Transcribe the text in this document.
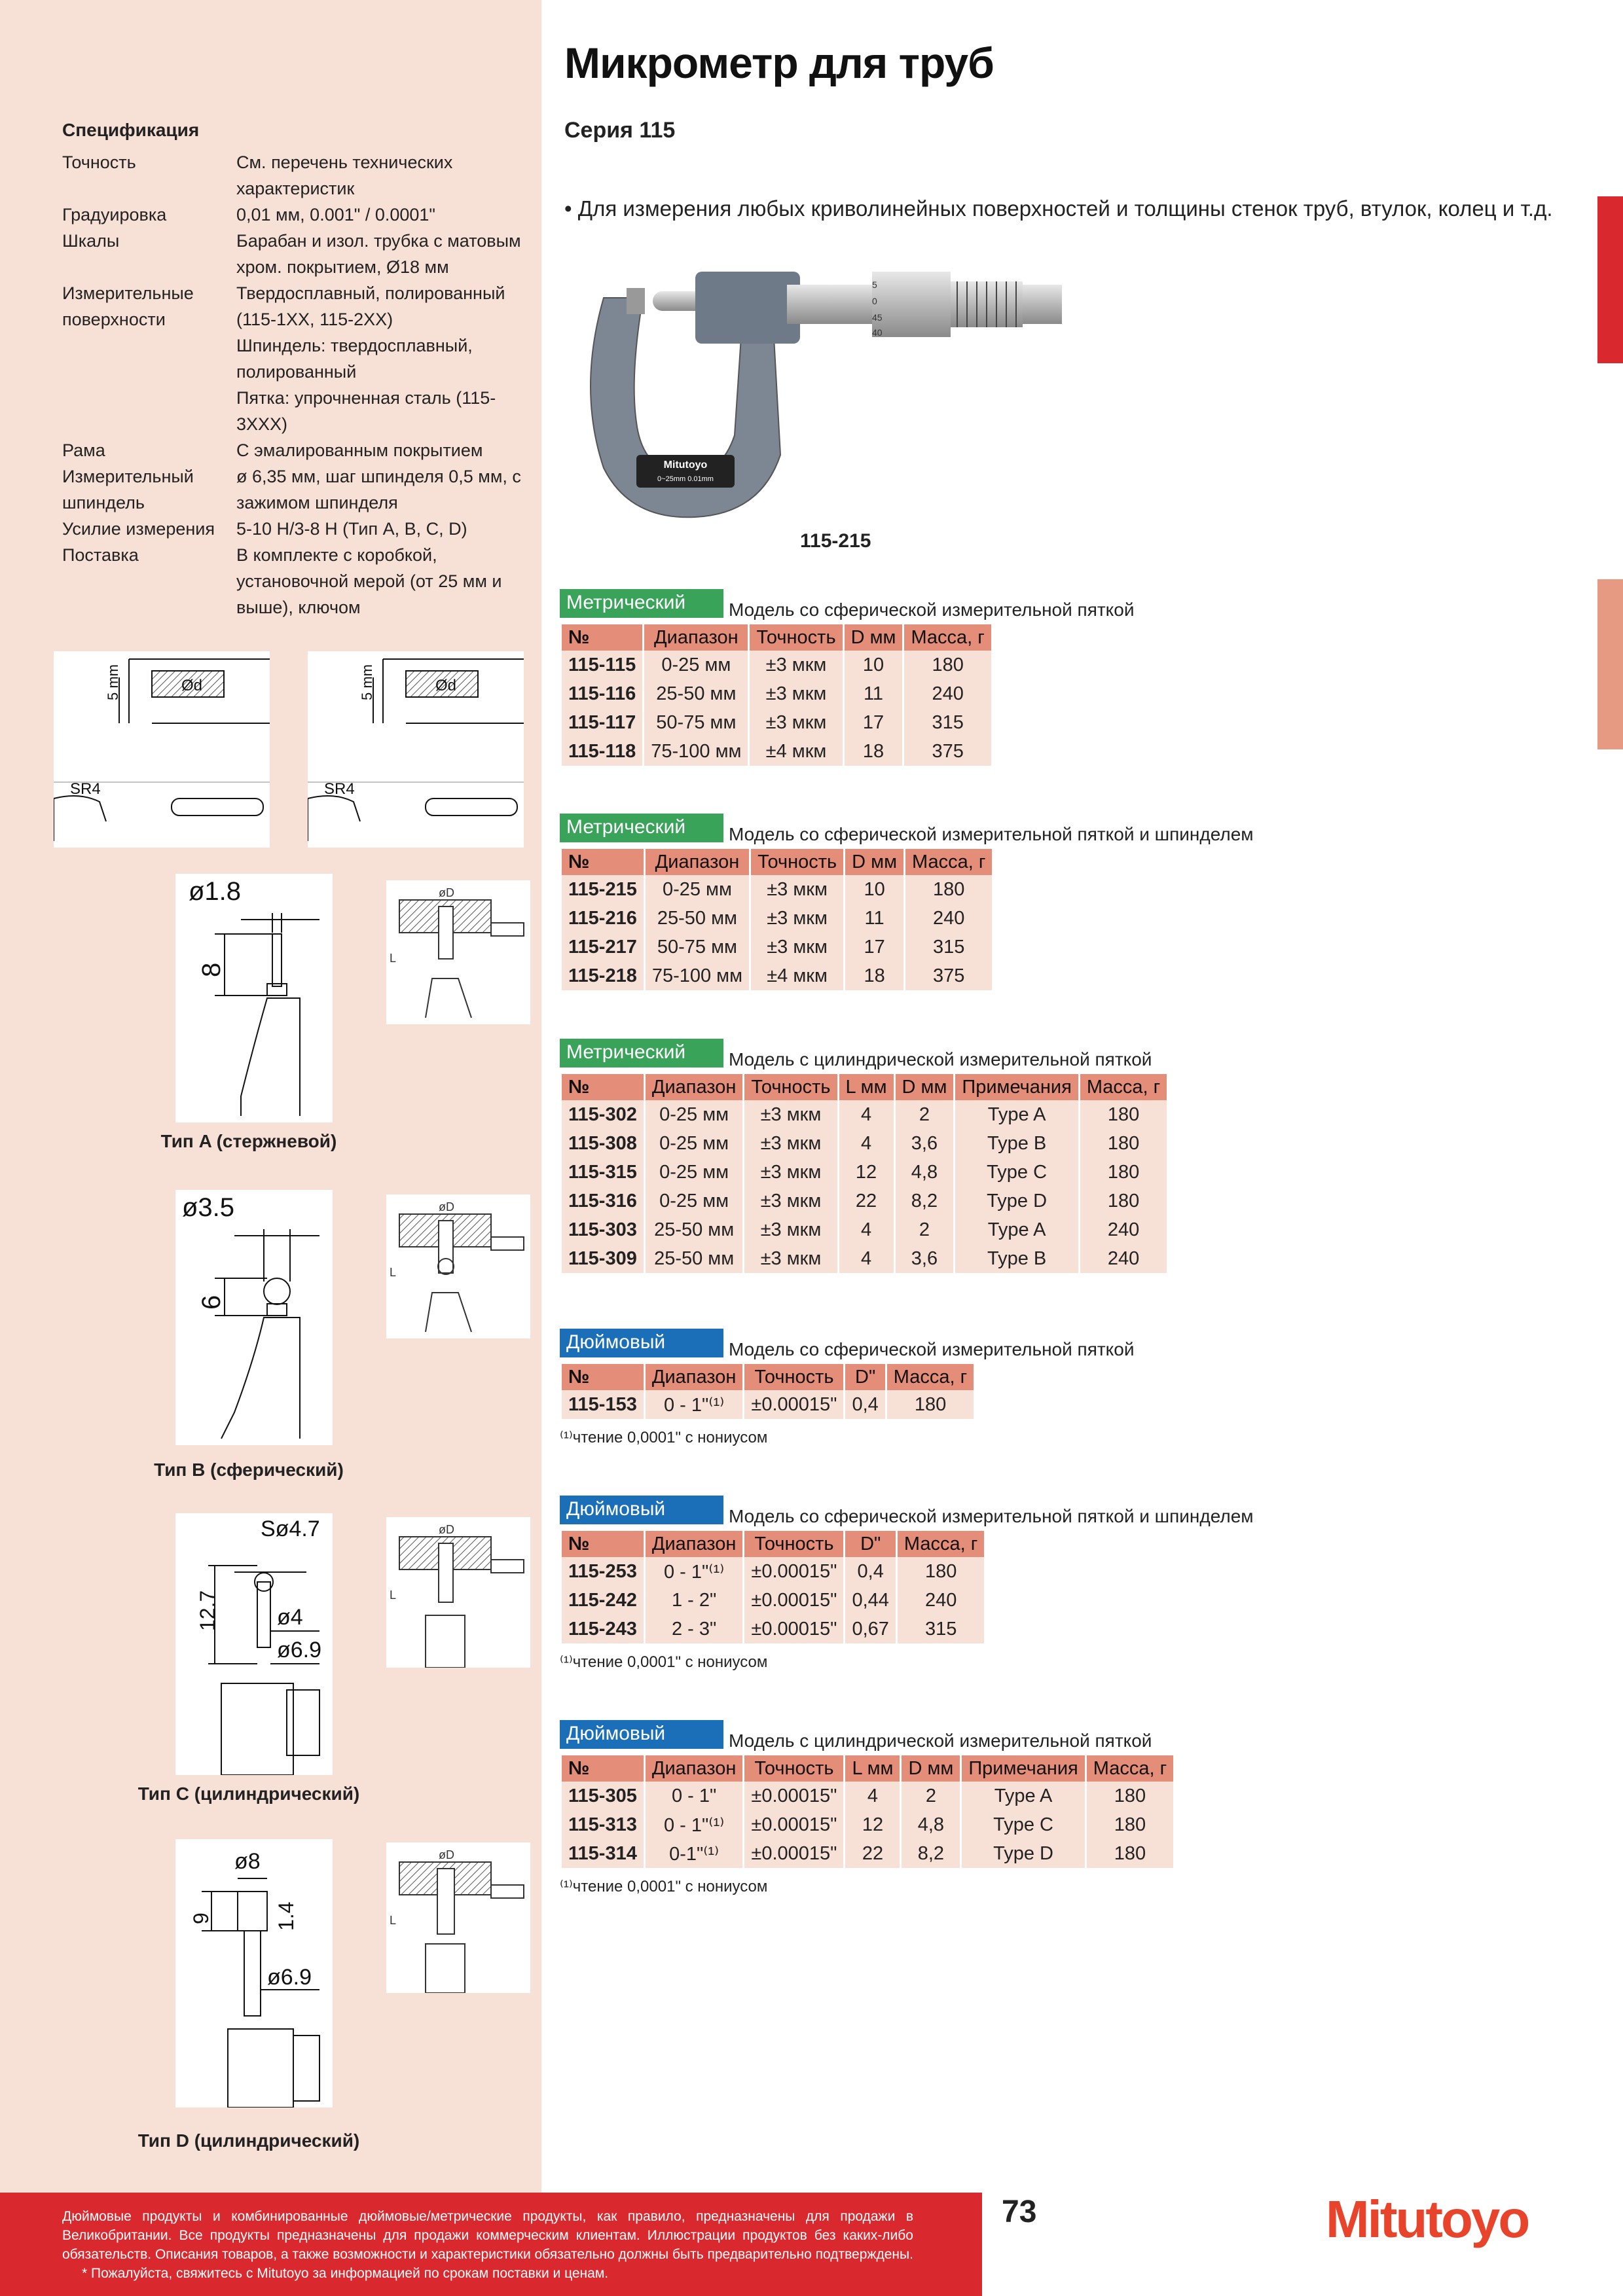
Спецификация
Точность	См. перечень технических характеристик
Градуировка	0,01 мм, 0.001" / 0.0001"
Шкалы	Барабан и изол. трубка с матовым хром. покрытием, Ø18 мм
Измерительные поверхности	Твердосплавный, полированный (115-1XX, 115-2XX)
	Шпиндель: твердосплавный, полированный
	Пятка: упрочненная сталь (115-3XXX)
Рама	С эмалированным покрытием
Измерительный шпиндель	ø 6,35 мм, шаг шпинделя 0,5 мм, с зажимом шпинделя
Усилие измерения	5-10 Н/3-8 Н (Тип A, B, C, D)
Поставка	В комплекте с коробкой, установочной мерой (от 25 мм и выше), ключом
5 mm	Ød
SR4
5 mm	Ød
SR4
ø1.8
8
øD
L
Тип A (стержневой)
ø3.5
6
øD
L
Тип B (сферический)
Sø4.7
12.7	ø4
ø6.9
øD
L
Тип C (цилиндрический)
ø8
9	1.4
ø6.9
øD
L
Тип D (цилиндрический)
Микрометр для труб
Серия 115
• Для измерения любых криволинейных поверхностей и толщины стенок труб, втулок, колец и т.д.
5
0
45
40
Mitutoyo
0~25mm 0.01mm
115-215
Метрический Модель со сферической измерительной пяткой
№	Диапазон	Точность	D мм	Масса, г
115-115	0-25 мм	±3 мкм	10	180
115-116	25-50 мм	±3 мкм	11	240
115-117	50-75 мм	±3 мкм	17	315
115-118	75-100 мм	±4 мкм	18	375
Метрический Модель со сферической измерительной пяткой и шпинделем
№	Диапазон	Точность	D мм	Масса, г
115-215	0-25 мм	±3 мкм	10	180
115-216	25-50 мм	±3 мкм	11	240
115-217	50-75 мм	±3 мкм	17	315
115-218	75-100 мм	±4 мкм	18	375
Метрический Модель с цилиндрической измерительной пяткой
№	Диапазон	Точность	L мм	D мм	Примечания	Масса, г
115-302	0-25 мм	±3 мкм	4	2	Type A	180
115-308	0-25 мм	±3 мкм	4	3,6	Type B	180
115-315	0-25 мм	±3 мкм	12	4,8	Type C	180
115-316	0-25 мм	±3 мкм	22	8,2	Type D	180
115-303	25-50 мм	±3 мкм	4	2	Type A	240
115-309	25-50 мм	±3 мкм	4	3,6	Type B	240
Дюймовый	Модель со сферической измерительной пяткой
№	Диапазон	Точность	D"	Масса, г
115-153	0 - 1"⁽¹⁾	±0.00015"	0,4	180
⁽¹⁾чтение 0,0001" с нониусом
Дюймовый	Модель со сферической измерительной пяткой и шпинделем
№	Диапазон	Точность	D"	Масса, г
115-253	0 - 1"⁽¹⁾	±0.00015"	0,4	180
115-242	1 - 2"	±0.00015"	0,44	240
115-243	2 - 3"	±0.00015"	0,67	315
⁽¹⁾чтение 0,0001" с нониусом
Дюймовый	Модель с цилиндрической измерительной пяткой
№	Диапазон	Точность	L мм	D мм	Примечания	Масса, г
115-305	0 - 1"	±0.00015"	4	2	Type A	180
115-313	0 - 1"⁽¹⁾	±0.00015"	12	4,8	Type C	180
115-314	0-1"⁽¹⁾	±0.00015"	22	8,2	Type D	180
⁽¹⁾чтение 0,0001" с нониусом
Дюймовые продукты и комбинированные дюймовые/метрические продукты, как правило, предназначены для продажи в Великобритании. Все продукты предназначены для продажи коммерческим клиентам. Иллюстрации продуктов без каких-либо обязательств. Описания товаров, а также возможности и характеристики обязательно должны быть предварительно подтверждены.
* Пожалуйста, свяжитесь с Mitutoyo за информацией по срокам поставки и ценам.
73	Mitutoyo
